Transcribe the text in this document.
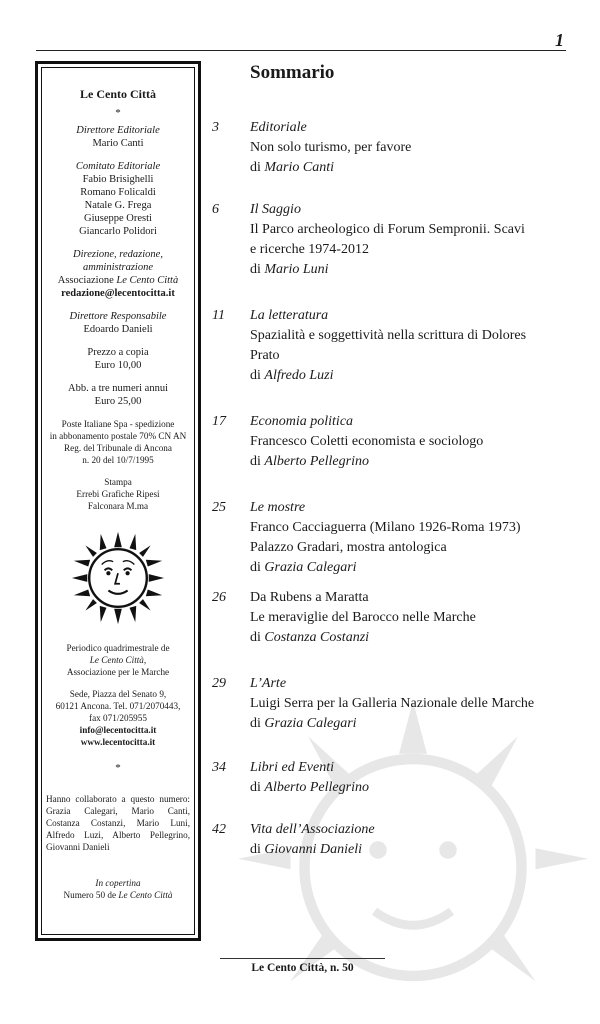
1
Le Cento Città
*
Direttore Editoriale
Mario Canti
Comitato Editoriale
Fabio Brisighelli
Romano Folicaldi
Natale G. Frega
Giuseppe Oresti
Giancarlo Polidori
Direzione, redazione,
amministrazione
Associazione Le Cento Città
redazione@lecentocitta.it
Direttore Responsabile
Edoardo Danieli
Prezzo a copia
Euro 10,00
Abb. a tre numeri annui
Euro 25,00
Poste Italiane Spa - spedizione
in abbonamento postale 70% CN AN
Reg. del Tribunale di Ancona
n. 20 del 10/7/1995
Stampa
Errebi Grafiche Ripesi
Falconara M.ma
Periodico quadrimestrale de
Le Cento Città,
Associazione per le Marche
Sede, Piazza del Senato 9,
60121 Ancona. Tel. 071/2070443,
fax 071/205955
info@lecentocitta.it
www.lecentocitta.it
*
Hanno collaborato a questo numero: Grazia Calegari, Mario Canti, Costanza Costanzi, Mario Luni, Alfredo Luzi, Alberto Pellegrino, Giovanni Danieli
In copertina
Numero 50 de Le Cento Città
Sommario
3 Editoriale
Non solo turismo, per favore
di Mario Canti
6 Il Saggio
Il Parco archeologico di Forum Sempronii. Scavi
e ricerche 1974-2012
di Mario Luni
11 La letteratura
Spazialità e soggettività nella scrittura di Dolores
Prato
di Alfredo Luzi
17 Economia politica
Francesco Coletti economista e sociologo
di Alberto Pellegrino
25 Le mostre
Franco Cacciaguerra (Milano 1926-Roma 1973)
Palazzo Gradari, mostra antologica
di Grazia Calegari
26 Da Rubens a Maratta
Le meraviglie del Barocco nelle Marche
di Costanza Costanzi
29 L’Arte
Luigi Serra per la Galleria Nazionale delle Marche
di Grazia Calegari
34 Libri ed Eventi
di Alberto Pellegrino
42 Vita dell’Associazione
di Giovanni Danieli
Le Cento Città, n. 50
